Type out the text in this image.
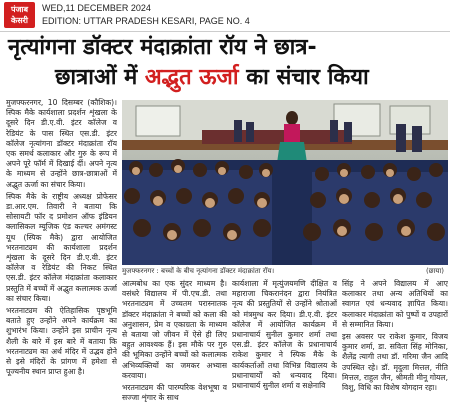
पंजाब
केसरी
WED,11 DECEMBER 2024
EDITION: UTTAR PRADESH KESARI, PAGE NO. 4
नृत्यांगना डॉक्टर मंदाक्रांता रॉय ने छात्र-
छात्राओं में अद्भुत ऊर्जा का संचार किया

मुजफ्फरनगर, 10 दिसम्बर (कौशिक)। स्पिक मैके कार्यशाला प्रदर्शन शृंखला के दूसरे दिन डी.ए.वी. इंटर कॉलेज व रेडियंट के पास स्थित एस.डी. इंटर कॉलेज नृत्यांगना डॉक्टर मंदाक्रांता रॉय एक समर्थ कलाकार और गुरु के रूप में अपने पूरे फॉर्म में दिखाई दीं। अपने नृत्य के माध्यम से उन्होंने छात्र-छात्राओं में अद्भुत ऊर्जा का संचार किया।

स्पिक मैके के राष्ट्रीय अध्यक्ष प्रोफेसर डा.आर.एम. तिवारी ने बताया कि सोसायटी फॉर द प्रमोशन ऑफ इंडियन क्लासिकल म्यूजिक एंड कल्चर अमंगस्ट यूथ (स्पिक मैके) द्वारा आयोजित भरतनाट्यम की कार्यशाला प्रदर्शन शृंखला के दूसरे दिन डी.ए.वी. इंटर कॉलेज व रेडियंट की निकट स्थित एस.डी. इंटर कॉलेज मंदाक्रांता कलाकार प्रस्तुति में बच्चों में अद्भुत कलात्मक ऊर्जा का संचार किया।

भरतनाट्यम की ऐतिहासिक पृष्ठभूमि बताते हुए उन्होंने अपने कार्यक्रम का शुभारंभ किया। उन्होंने इस प्राचीन नृत्य शैली के बारे में इस बारे में बताया कि भरतनाट्यम का अर्थ मंदिर में उद्भव होने से इसे मंदिरों के प्रांगण में हमेशा से पूज्यनीय स्थान प्राप्त हुआ है।

मुजफ्फरनगर : बच्चों के बीच नृत्यांगना डॉक्टर मंदाक्रांता रॉय।	(छाया)

आत्मबोध का एक सुंदर माध्यम है। वसंधरे विद्यालय में पी.एच.डी. तथा भरतनाट्यम में उच्चतम परास्नातक डॉक्टर मंदाक्रांता ने बच्चों को कला की अनुशासन, प्रेम व एकाग्रता के माध्यम से बताया जो जीवन में ऐसे ही लिए बहुत आवश्यक हैं। इस मौके पर गुरु की भूमिका उन्होंने बच्चों को कलात्मक अभिव्यक्तियों का जमकर अभ्यास करवाया।

भरतनाट्यम की पारम्परिक वेशभूषा व सज्जा शृंगार के साथ

कार्यशाला में मृत्युंजयमणि दीक्षित व महाराजा चिकरानंदन द्वारा नियंत्रित नृत्य की प्रस्तुतियों से उन्होंने श्रोताओं को मंत्रमुग्ध कर दिया। डी.ए.वी. इंटर कॉलेज में आयोजित कार्यक्रम में प्रधानाचार्य सुनील कुमार शर्मा तथा एस.डी. इंटर कॉलेज के प्रधानाचार्य राकेश कुमार ने स्पिक मैके के कार्यकर्ताओं तथा विभिन्न विद्यालय के प्रधानाचार्यों को धन्यवाद दिया। प्रधानाचार्य सुनील शर्मा व सक्षेनावि

सिंह ने अपने विद्यालय में आए कलाकार तथा अन्य अतिथियों का स्वागत एवं धन्यवाद ज्ञापित किया। कलाकार मंदाक्रांता को पुष्पों व उपहारों से सम्मानित किया।

इस अवसर पर राकेश कुमार, विजय कुमार शर्मा, डा. सविता सिंह मोनिका, शैलेंद्र त्यागी तथा डॉ. गरिमा जैन आदि उपस्थित रहे। डॉ. मृदुला मित्तल, नीति मित्तल, राहुल जैन, श्रीमती मीनू गोयल, विशु, विधि का विशेष योगदान रहा।
